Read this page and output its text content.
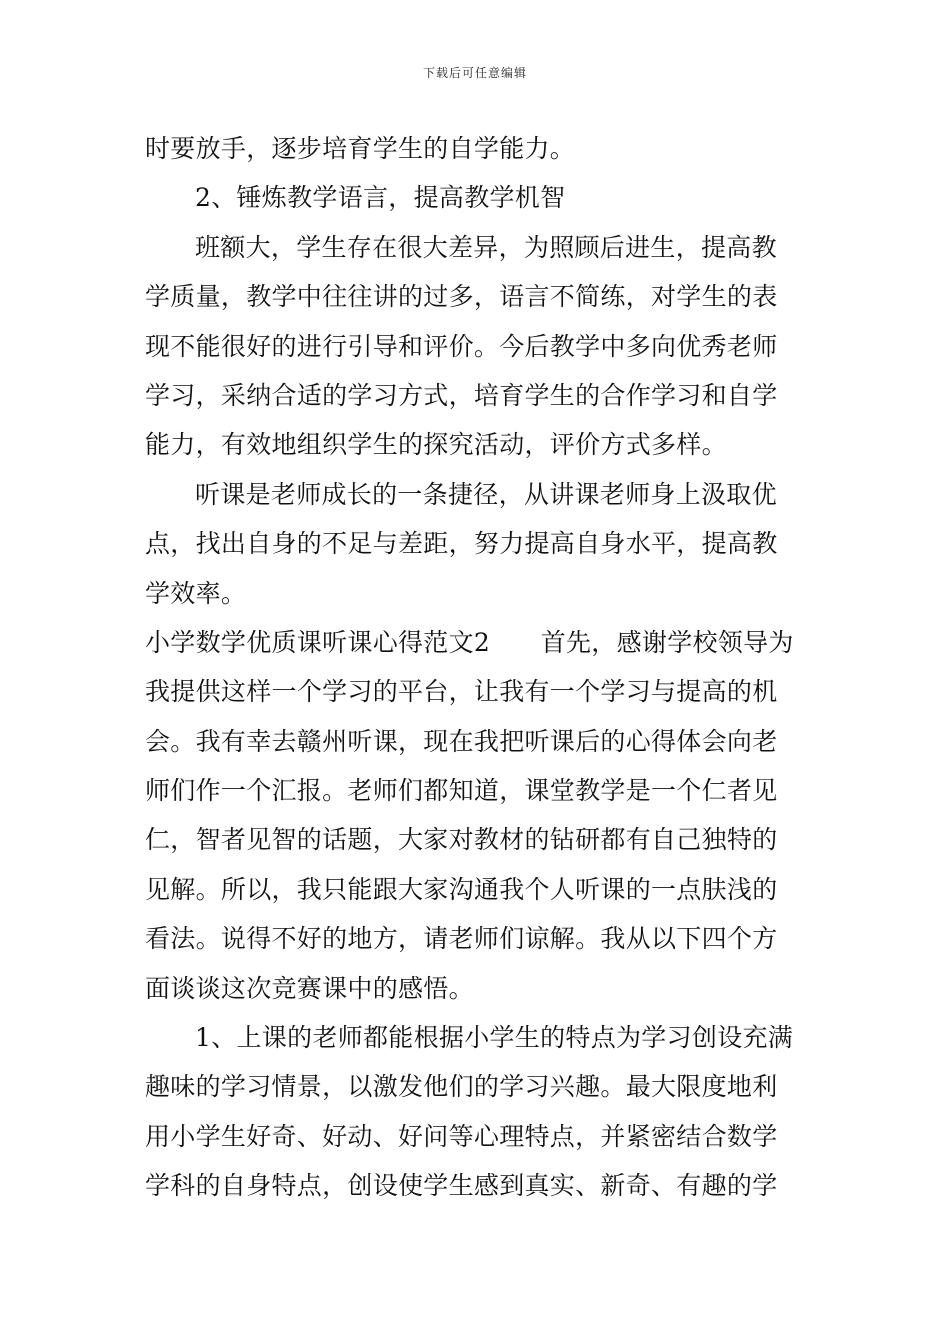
下载后可任意编辑
时要放手，逐步培育学生的自学能力。
2、锤炼教学语言，提高教学机智
班额大，学生存在很大差异，为照顾后进生，提高教
学质量，教学中往往讲的过多，语言不简练，对学生的表
现不能很好的进行引导和评价。今后教学中多向优秀老师
学习，采纳合适的学习方式，培育学生的合作学习和自学
能力，有效地组织学生的探究活动，评价方式多样。
听课是老师成长的一条捷径，从讲课老师身上汲取优
点，找出自身的不足与差距，努力提高自身水平，提高教
学效率。
小学数学优质课听课心得范文2　　首先，感谢学校领导为
我提供这样一个学习的平台，让我有一个学习与提高的机
会。我有幸去赣州听课，现在我把听课后的心得体会向老
师们作一个汇报。老师们都知道，课堂教学是一个仁者见
仁，智者见智的话题，大家对教材的钻研都有自己独特的
见解。所以，我只能跟大家沟通我个人听课的一点肤浅的
看法。说得不好的地方，请老师们谅解。我从以下四个方
面谈谈这次竞赛课中的感悟。
1、上课的老师都能根据小学生的特点为学习创设充满
趣味的学习情景，以激发他们的学习兴趣。最大限度地利
用小学生好奇、好动、好问等心理特点，并紧密结合数学
学科的自身特点，创设使学生感到真实、新奇、有趣的学
